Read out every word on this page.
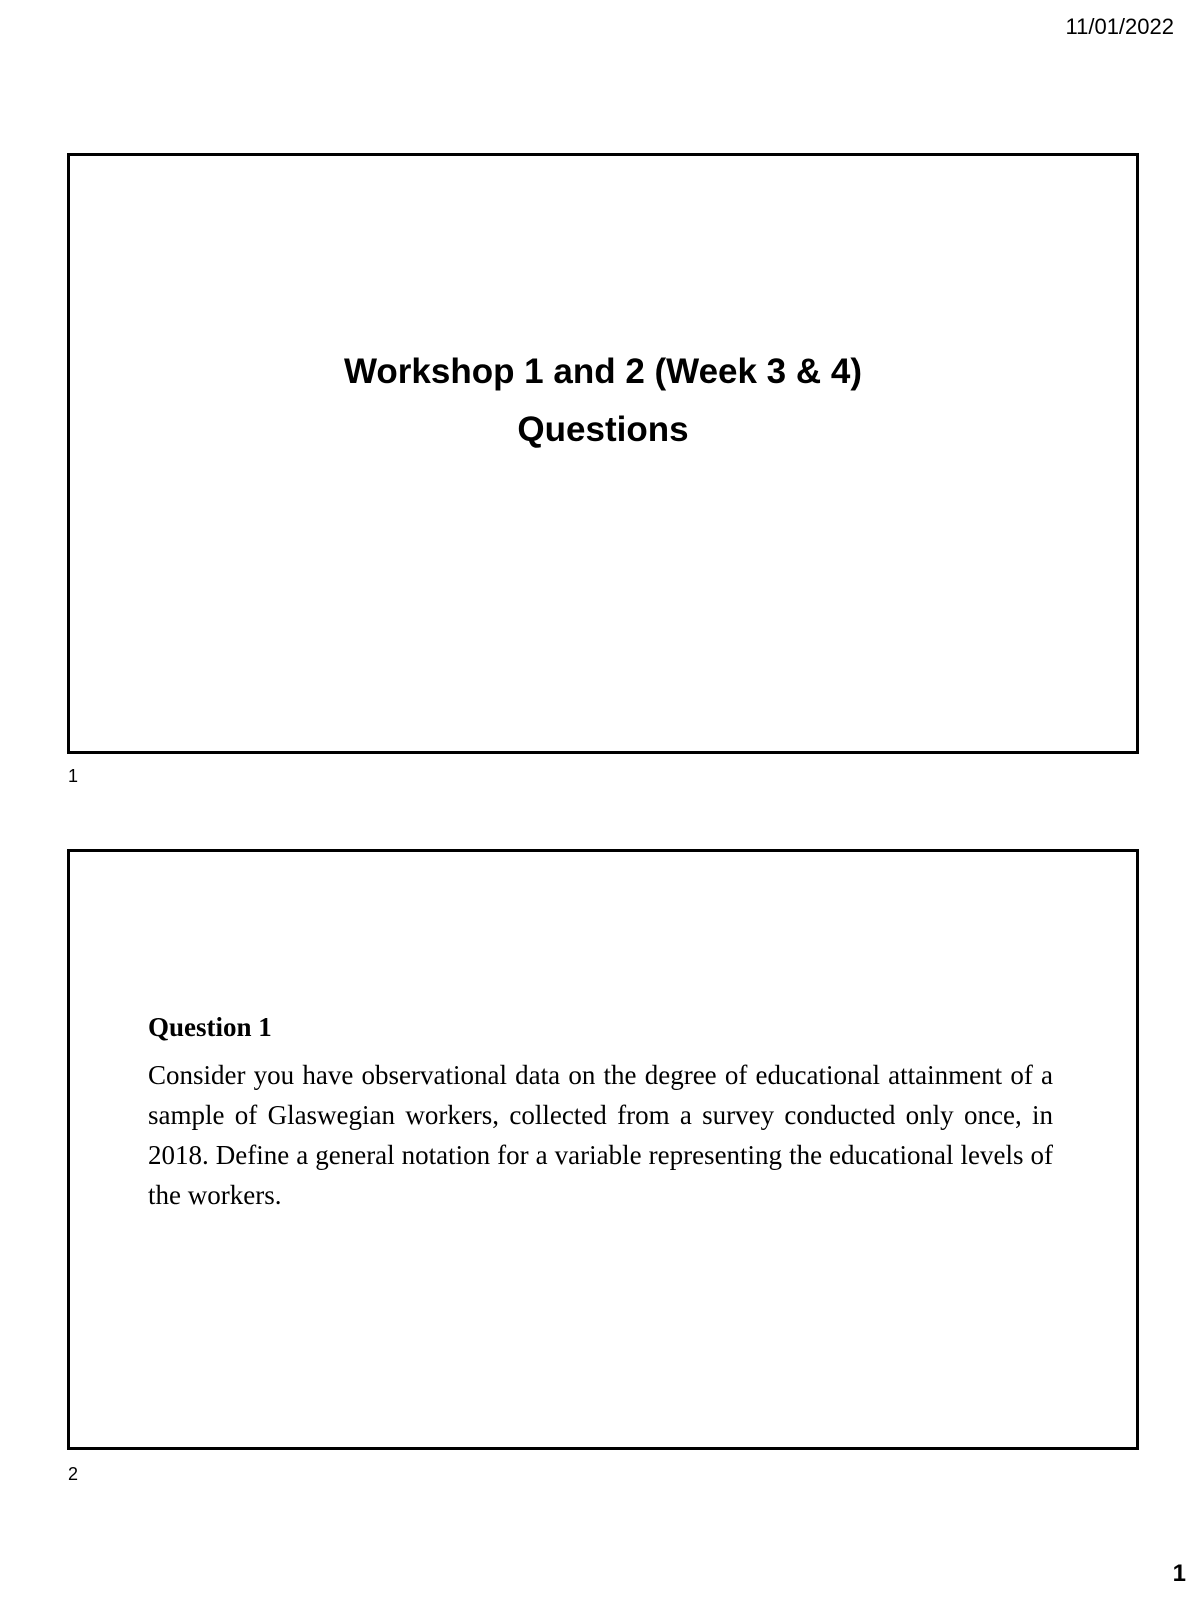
11/01/2022
Workshop 1 and 2 (Week 3 & 4)
Questions
1

Question 1

Consider you have observational data on the degree of educational attainment of a sample of Glaswegian workers, collected from a survey conducted only once, in 2018. Define a general notation for a variable representing the educational levels of the workers.

2
1
